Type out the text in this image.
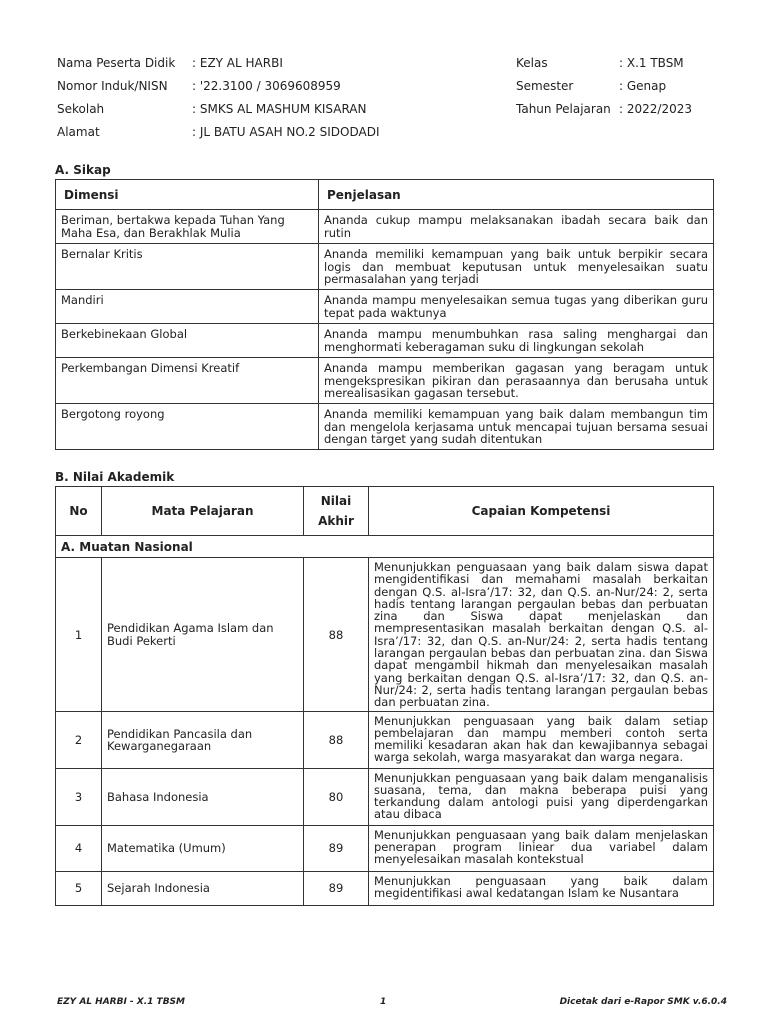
Nama Peserta Didik : EZY AL HARBI
Nomor Induk/NISN : '22.3100 / 3069608959
Sekolah	: SMKS AL MASHUM KISARAN
Alamat	: JL BATU ASAH NO.2 SIDODADI
Kelas	: X.1 TBSM
Semester	: Genap
Tahun Pelajaran : 2022/2023
A. Sikap
Dimensi	Penjelasan
Beriman, bertakwa kepada Tuhan Yang Maha Esa, dan Berakhlak Mulia	Ananda cukup mampu melaksanakan ibadah secara baik dan rutin
Bernalar Kritis	Ananda memiliki kemampuan yang baik untuk berpikir secara logis dan membuat keputusan untuk menyelesaikan suatu permasalahan yang terjadi
Mandiri	Ananda mampu menyelesaikan semua tugas yang diberikan guru tepat pada waktunya
Berkebinekaan Global	Ananda mampu menumbuhkan rasa saling menghargai dan menghormati keberagaman suku di lingkungan sekolah
Perkembangan Dimensi Kreatif	Ananda mampu memberikan gagasan yang beragam untuk mengekspresikan pikiran dan perasaannya dan berusaha untuk merealisasikan gagasan tersebut.
Bergotong royong	Ananda memiliki kemampuan yang baik dalam membangun tim dan mengelola kerjasama untuk mencapai tujuan bersama sesuai dengan target yang sudah ditentukan
B. Nilai Akademik
No	Mata Pelajaran	Nilai Akhir	Capaian Kompetensi
A. Muatan Nasional			
1	Pendidikan Agama Islam dan Budi Pekerti	88	Menunjukkan penguasaan yang baik dalam siswa dapat mengidentifikasi dan memahami masalah berkaitan dengan Q.S. al-Isra’/17: 32, dan Q.S. an-Nur/24: 2, serta hadis tentang larangan pergaulan bebas dan perbuatan zina dan Siswa dapat menjelaskan dan mempresentasikan masalah berkaitan dengan Q.S. al-Isra’/17: 32, dan Q.S. an-Nur/24: 2, serta hadis tentang larangan pergaulan bebas dan perbuatan zina. dan Siswa dapat mengambil hikmah dan menyelesaikan masalah yang berkaitan dengan Q.S. al-Isra’/17: 32, dan Q.S. an-Nur/24: 2, serta hadis tentang larangan pergaulan bebas dan perbuatan zina.
2	Pendidikan Pancasila dan Kewarganegaraan	88	Menunjukkan penguasaan yang baik dalam setiap pembelajaran dan mampu memberi contoh serta memiliki kesadaran akan hak dan kewajibannya sebagai warga sekolah, warga masyarakat dan warga negara.
3	Bahasa Indonesia	80	Menunjukkan penguasaan yang baik dalam menganalisis suasana, tema, dan makna beberapa puisi yang terkandung dalam antologi puisi yang diperdengarkan atau dibaca
4	Matematika (Umum)	89	Menunjukkan penguasaan yang baik dalam menjelaskan penerapan program liniear dua variabel dalam menyelesaikan masalah kontekstual
5	Sejarah Indonesia	89	Menunjukkan penguasaan yang baik dalam megidentifikasi awal kedatangan Islam ke Nusantara
EZY AL HARBI - X.1 TBSM	1	Dicetak dari e-Rapor SMK v.6.0.4
